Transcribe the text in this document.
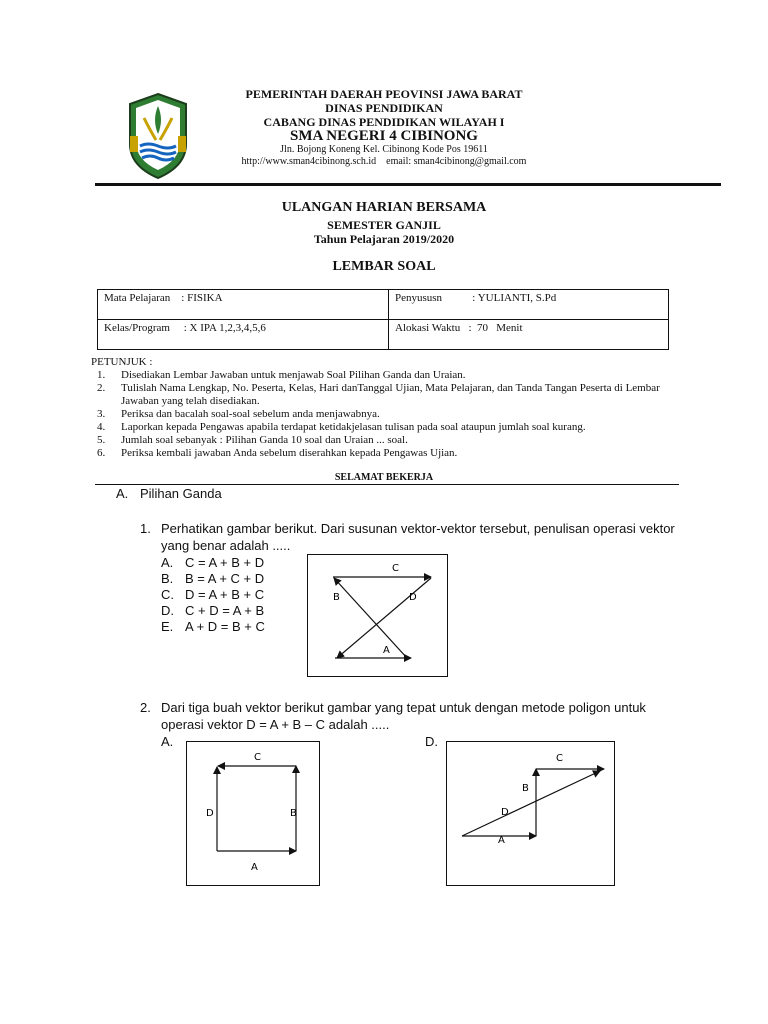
PEMERINTAH DAERAH PEOVINSI JAWA BARAT
DINAS PENDIDIKAN
CABANG DINAS PENDIDIKAN WILAYAH I
SMA NEGERI 4 CIBINONG
Jln. Bojong Koneng Kel. Cibinong Kode Pos 19611
http://www.sman4cibinong.sch.id    email: sman4cibinong@gmail.com
ULANGAN HARIAN BERSAMA
SEMESTER GANJIL
Tahun Pelajaran 2019/2020
LEMBAR SOAL
Mata Pelajaran    : FISIKA	Penyususn           : YULIANTI, S.Pd
Kelas/Program     : X IPA 1,2,3,4,5,6	Alokasi Waktu   :  70   Menit
PETUNJUK :
1. Disediakan Lembar Jawaban untuk menjawab Soal Pilihan Ganda dan Uraian.
2. Tulislah Nama Lengkap, No. Peserta, Kelas, Hari danTanggal Ujian, Mata Pelajaran, dan Tanda Tangan Peserta di Lembar Jawaban yang telah disediakan.
3. Periksa dan bacalah soal-soal sebelum anda menjawabnya.
4. Laporkan kepada Pengawas apabila terdapat ketidakjelasan tulisan pada soal ataupun jumlah soal kurang.
5. Jumlah soal sebanyak : Pilihan Ganda 10 soal dan Uraian ... soal.
6. Periksa kembali jawaban Anda sebelum diserahkan kepada Pengawas Ujian.
SELAMAT BEKERJA
A. Pilihan Ganda
1. Perhatikan gambar berikut. Dari susunan vektor-vektor tersebut, penulisan operasi vektor
yang benar adalah .....
A. C = A + B + D
B. B = A + C + D
C. D = A + B + C
D. C + D = A + B
E. A + D = B + C
C
B	D
A
2. Dari tiga buah vektor berikut gambar yang tepat untuk dengan metode poligon untuk
operasi vektor D = A + B – C adalah .....
A.	D.
C
D	B
A
C
B
D
A
